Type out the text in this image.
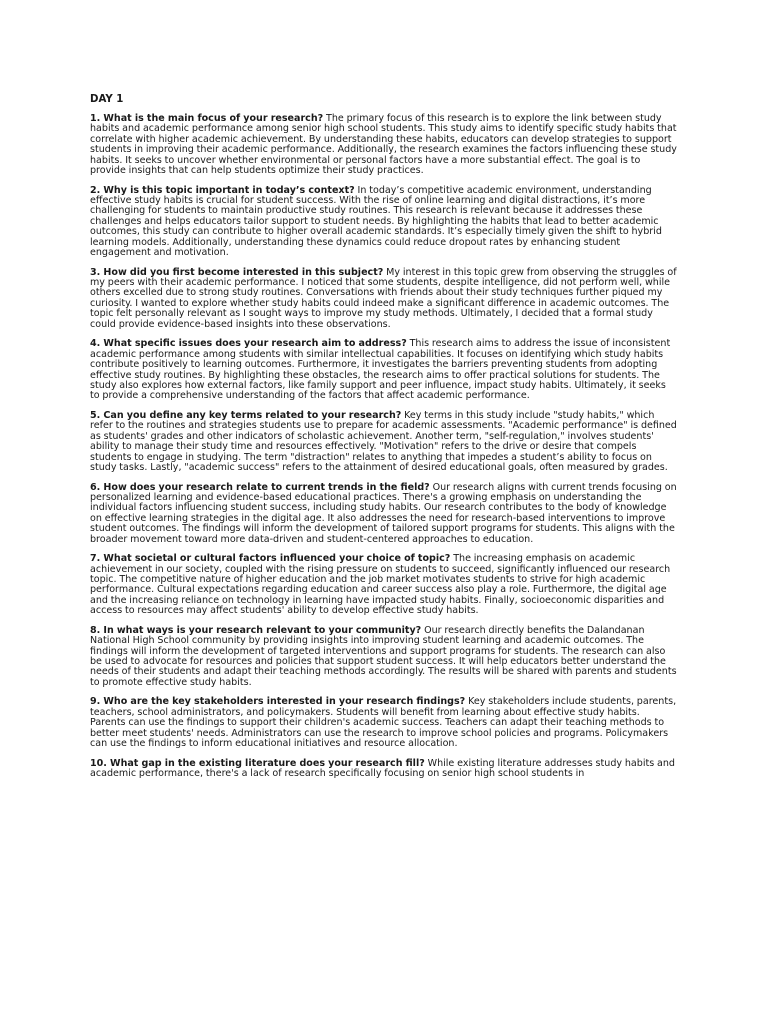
DAY 1

1. What is the main focus of your research? The primary focus of this research is to explore the link between study habits and academic performance among senior high school students. This study aims to identify specific study habits that correlate with higher academic achievement. By understanding these habits, educators can develop strategies to support students in improving their academic performance. Additionally, the research examines the factors influencing these study habits. It seeks to uncover whether environmental or personal factors have a more substantial effect. The goal is to provide insights that can help students optimize their study practices.

2. Why is this topic important in today’s context? In today’s competitive academic environment, understanding effective study habits is crucial for student success. With the rise of online learning and digital distractions, it’s more challenging for students to maintain productive study routines. This research is relevant because it addresses these challenges and helps educators tailor support to student needs. By highlighting the habits that lead to better academic outcomes, this study can contribute to higher overall academic standards. It’s especially timely given the shift to hybrid learning models. Additionally, understanding these dynamics could reduce dropout rates by enhancing student engagement and motivation.

3. How did you first become interested in this subject? My interest in this topic grew from observing the struggles of my peers with their academic performance. I noticed that some students, despite intelligence, did not perform well, while others excelled due to strong study routines. Conversations with friends about their study techniques further piqued my curiosity. I wanted to explore whether study habits could indeed make a significant difference in academic outcomes. The topic felt personally relevant as I sought ways to improve my study methods. Ultimately, I decided that a formal study could provide evidence-based insights into these observations.

4. What specific issues does your research aim to address? This research aims to address the issue of inconsistent academic performance among students with similar intellectual capabilities. It focuses on identifying which study habits contribute positively to learning outcomes. Furthermore, it investigates the barriers preventing students from adopting effective study routines. By highlighting these obstacles, the research aims to offer practical solutions for students. The study also explores how external factors, like family support and peer influence, impact study habits. Ultimately, it seeks to provide a comprehensive understanding of the factors that affect academic performance.

5. Can you define any key terms related to your research? Key terms in this study include "study habits," which refer to the routines and strategies students use to prepare for academic assessments. "Academic performance" is defined as students' grades and other indicators of scholastic achievement. Another term, "self-regulation," involves students' ability to manage their study time and resources effectively. "Motivation" refers to the drive or desire that compels students to engage in studying. The term "distraction" relates to anything that impedes a student’s ability to focus on study tasks. Lastly, "academic success" refers to the attainment of desired educational goals, often measured by grades.

6. How does your research relate to current trends in the field? Our research aligns with current trends focusing on personalized learning and evidence-based educational practices. There's a growing emphasis on understanding the individual factors influencing student success, including study habits. Our research contributes to the body of knowledge on effective learning strategies in the digital age. It also addresses the need for research-based interventions to improve student outcomes. The findings will inform the development of tailored support programs for students. This aligns with the broader movement toward more data-driven and student-centered approaches to education.

7. What societal or cultural factors influenced your choice of topic? The increasing emphasis on academic achievement in our society, coupled with the rising pressure on students to succeed, significantly influenced our research topic. The competitive nature of higher education and the job market motivates students to strive for high academic performance. Cultural expectations regarding education and career success also play a role. Furthermore, the digital age and the increasing reliance on technology in learning have impacted study habits. Finally, socioeconomic disparities and access to resources may affect students' ability to develop effective study habits.

8. In what ways is your research relevant to your community? Our research directly benefits the Dalandanan National High School community by providing insights into improving student learning and academic outcomes. The findings will inform the development of targeted interventions and support programs for students. The research can also be used to advocate for resources and policies that support student success. It will help educators better understand the needs of their students and adapt their teaching methods accordingly. The results will be shared with parents and students to promote effective study habits.

9. Who are the key stakeholders interested in your research findings? Key stakeholders include students, parents, teachers, school administrators, and policymakers. Students will benefit from learning about effective study habits. Parents can use the findings to support their children's academic success. Teachers can adapt their teaching methods to better meet students' needs. Administrators can use the research to improve school policies and programs. Policymakers can use the findings to inform educational initiatives and resource allocation.

10. What gap in the existing literature does your research fill? While existing literature addresses study habits and academic performance, there's a lack of research specifically focusing on senior high school students in
